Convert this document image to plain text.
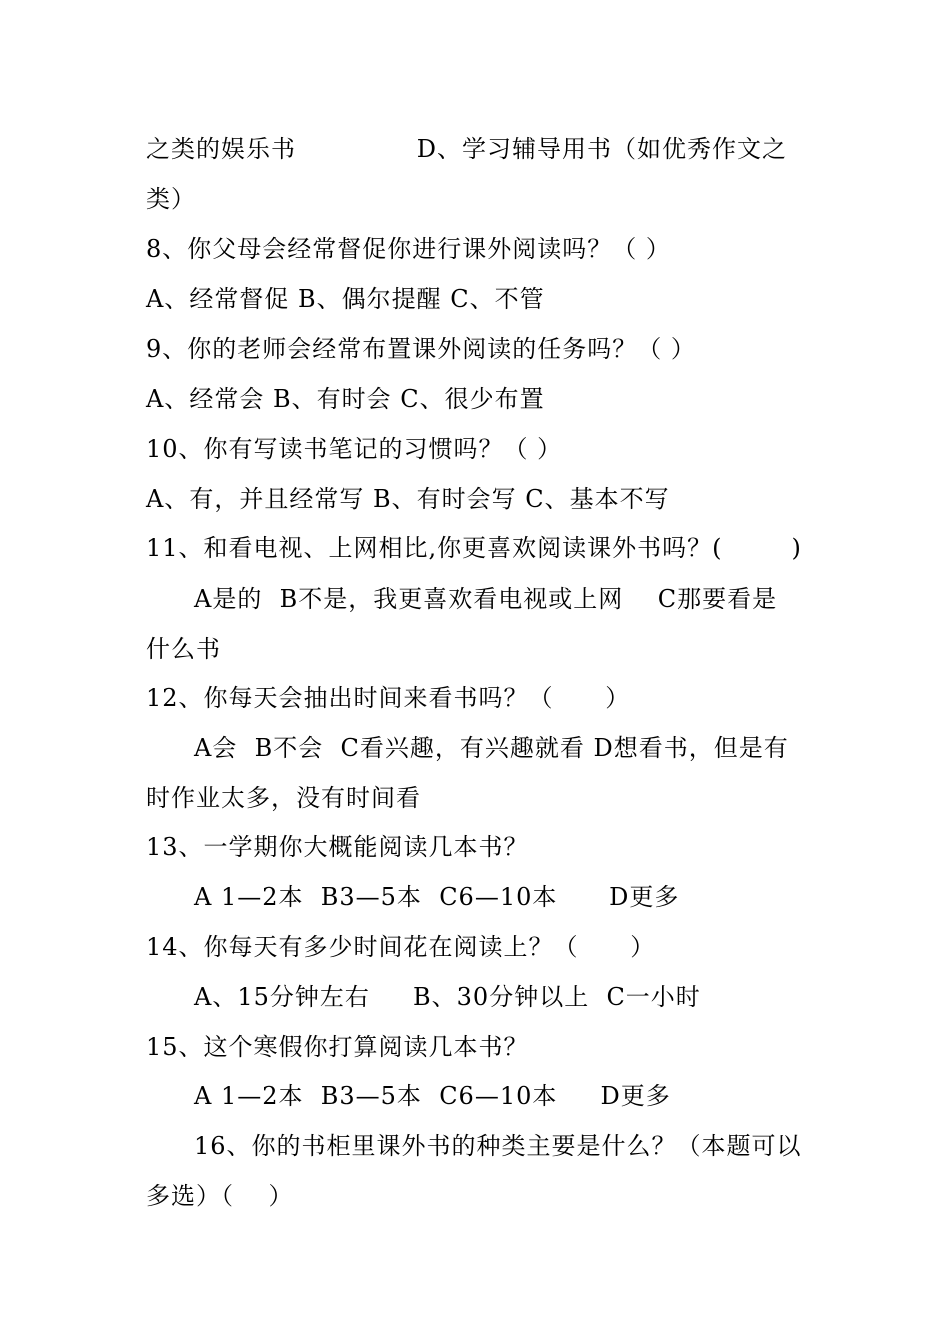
之类的娱乐书              D、学习辅导用书（如优秀作文之
类）
8、你父母会经常督促你进行课外阅读吗？（ ）
A、经常督促 B、偶尔提醒 C、不管
9、你的老师会经常布置课外阅读的任务吗？（ ）
A、经常会 B、有时会 C、很少布置
10、你有写读书笔记的习惯吗？（ ）
A、有，并且经常写 B、有时会写 C、基本不写
11、和看电视、上网相比,你更喜欢阅读课外书吗？(        )
A是的  B不是，我更喜欢看电视或上网    C那要看是
什么书
12、你每天会抽出时间来看书吗？（      ）
A会  B不会  C看兴趣，有兴趣就看 D想看书，但是有
时作业太多，没有时间看
13、一学期你大概能阅读几本书？
A 1—2本  B3—5本  C6—10本      D更多
14、你每天有多少时间花在阅读上？（      ）
A、15分钟左右     B、30分钟以上  C一小时
15、这个寒假你打算阅读几本书？
A 1—2本  B3—5本  C6—10本     D更多
16、你的书柜里课外书的种类主要是什么？（本题可以
多选）（    ）
